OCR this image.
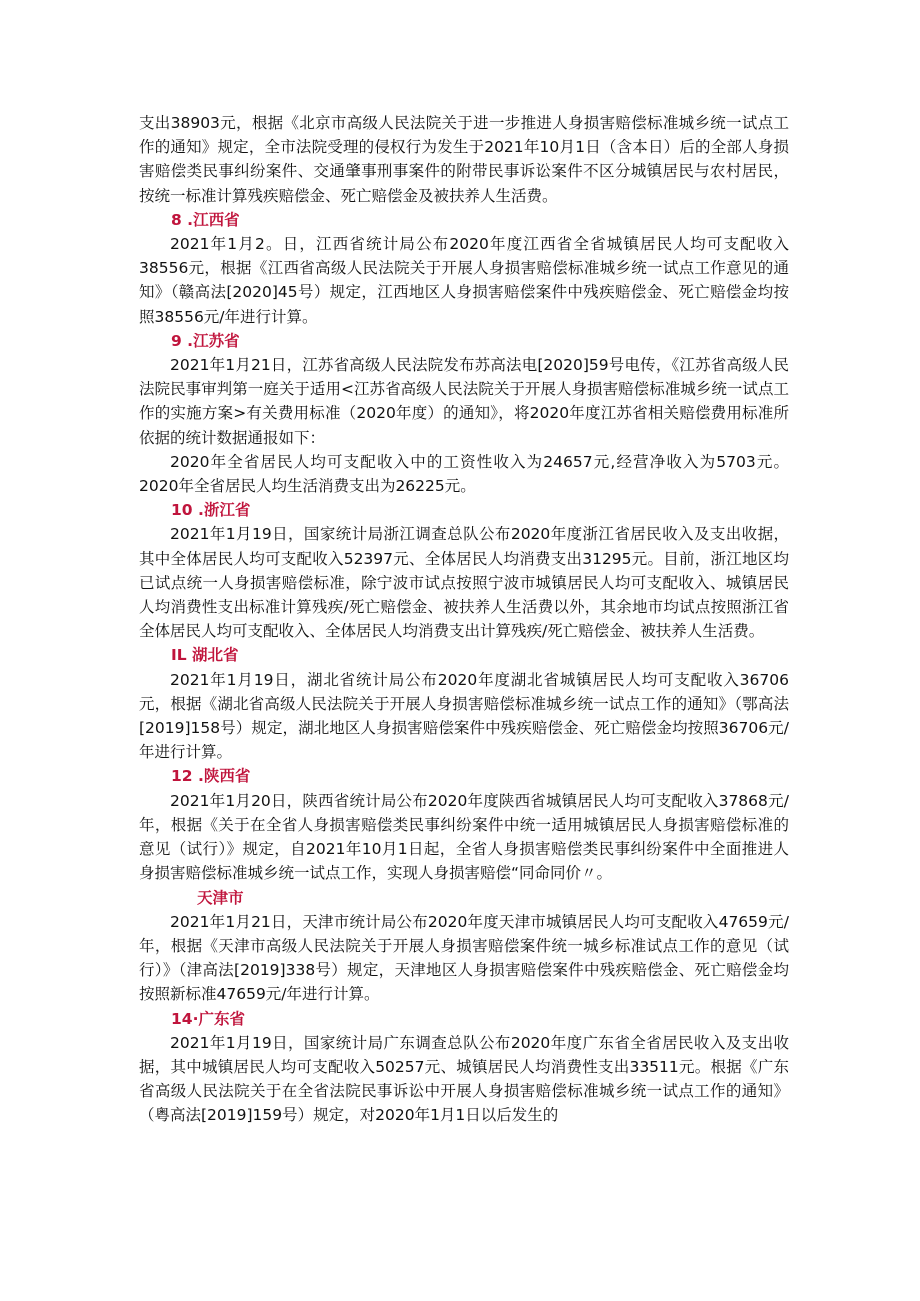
支出38903元，根据《北京市高级人民法院关于进一步推进人身损害赔偿标准城乡统一试点工作的通知》规定，全市法院受理的侵权行为发生于2021年10月1日（含本日）后的全部人身损害赔偿类民事纠纷案件、交通肇事刑事案件的附带民事诉讼案件不区分城镇居民与农村居民，按统一标准计算残疾赔偿金、死亡赔偿金及被扶养人生活费。

8 .江西省

2021年1月2。日，江西省统计局公布2020年度江西省全省城镇居民人均可支配收入38556元，根据《江西省高级人民法院关于开展人身损害赔偿标准城乡统一试点工作意见的通知》（赣高法[2020]45号）规定，江西地区人身损害赔偿案件中残疾赔偿金、死亡赔偿金均按照38556元/年进行计算。

9 .江苏省

2021年1月21日，江苏省高级人民法院发布苏高法电[2020]59号电传，《江苏省高级人民法院民事审判第一庭关于适用<江苏省高级人民法院关于开展人身损害赔偿标准城乡统一试点工作的实施方案>有关费用标准（2020年度）的通知》，将2020年度江苏省相关赔偿费用标准所依据的统计数据通报如下：

2020年全省居民人均可支配收入中的工资性收入为24657元,经营净收入为5703元。2020年全省居民人均生活消费支出为26225元。

10 .浙江省

2021年1月19日，国家统计局浙江调查总队公布2020年度浙江省居民收入及支出收据，其中全体居民人均可支配收入52397元、全体居民人均消费支出31295元。目前，浙江地区均已试点统一人身损害赔偿标准，除宁波市试点按照宁波市城镇居民人均可支配收入、城镇居民人均消费性支出标准计算残疾/死亡赔偿金、被扶养人生活费以外，其余地市均试点按照浙江省全体居民人均可支配收入、全体居民人均消费支出计算残疾/死亡赔偿金、被扶养人生活费。

IL 湖北省

2021年1月19日，湖北省统计局公布2020年度湖北省城镇居民人均可支配收入36706元，根据《湖北省高级人民法院关于开展人身损害赔偿标准城乡统一试点工作的通知》（鄂高法[2019]158号）规定，湖北地区人身损害赔偿案件中残疾赔偿金、死亡赔偿金均按照36706元/年进行计算。

12 .陕西省

2021年1月20日，陕西省统计局公布2020年度陕西省城镇居民人均可支配收入37868元/年，根据《关于在全省人身损害赔偿类民事纠纷案件中统一适用城镇居民人身损害赔偿标准的意见（试行）》规定，自2021年10月1日起，全省人身损害赔偿类民事纠纷案件中全面推进人身损害赔偿标准城乡统一试点工作，实现人身损害赔偿“同命同价〃。

天津市

2021年1月21日，天津市统计局公布2020年度天津市城镇居民人均可支配收入47659元/年，根据《天津市高级人民法院关于开展人身损害赔偿案件统一城乡标准试点工作的意见（试行）》（津高法[2019]338号）规定，天津地区人身损害赔偿案件中残疾赔偿金、死亡赔偿金均按照新标准47659元/年进行计算。

14·广东省

2021年1月19日，国家统计局广东调查总队公布2020年度广东省全省居民收入及支出收据，其中城镇居民人均可支配收入50257元、城镇居民人均消费性支出33511元。根据《广东省高级人民法院关于在全省法院民事诉讼中开展人身损害赔偿标准城乡统一试点工作的通知》（粤高法[2019]159号）规定，对2020年1月1日以后发生的
